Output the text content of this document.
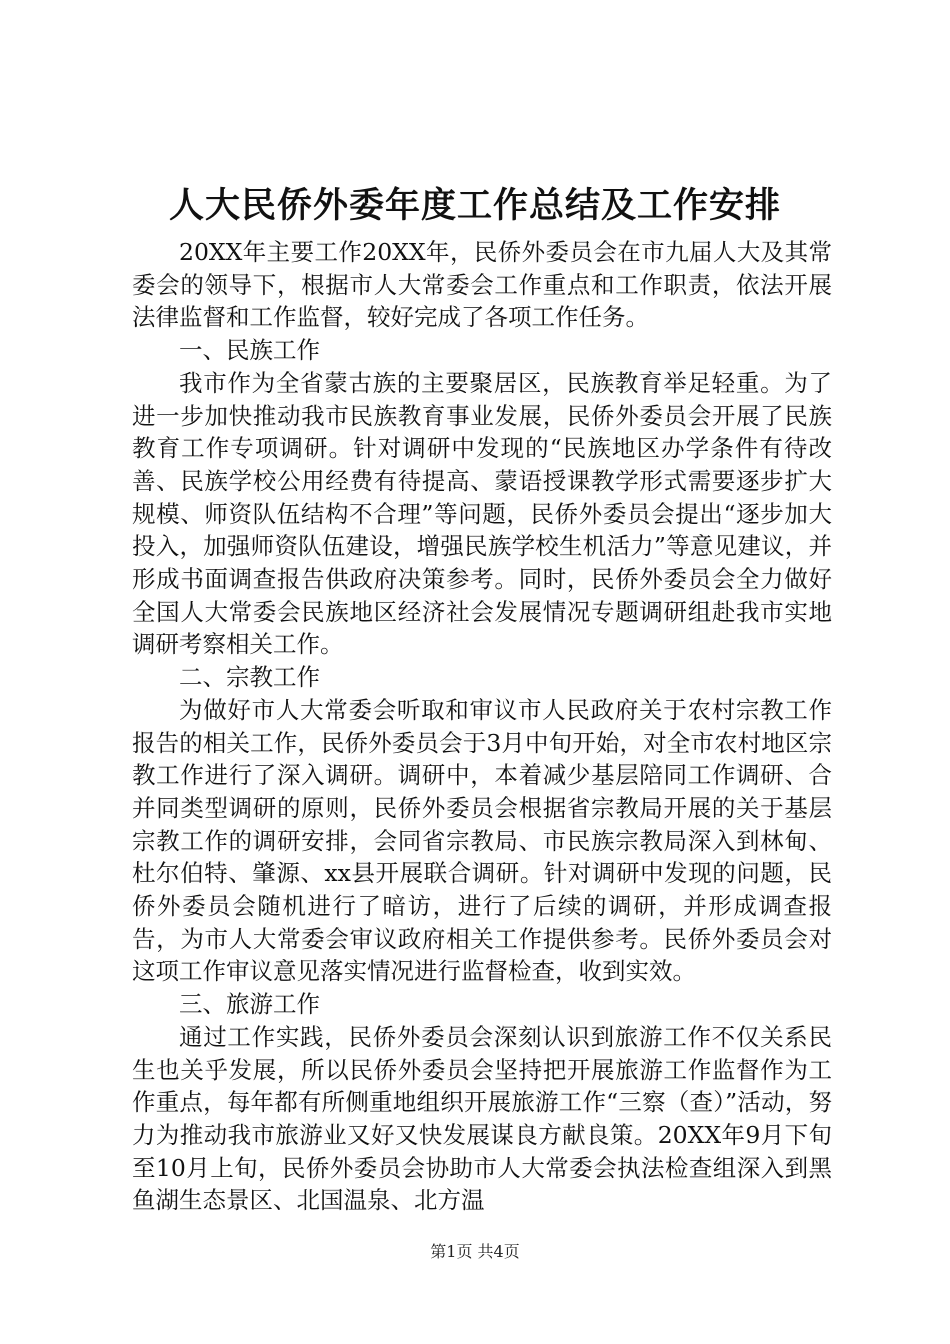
人大民侨外委年度工作总结及工作安排

20XX年主要工作20XX年，民侨外委员会在市九届人大及其常委会的领导下，根据市人大常委会工作重点和工作职责，依法开展法律监督和工作监督，较好完成了各项工作任务。

一、民族工作

我市作为全省蒙古族的主要聚居区，民族教育举足轻重。为了进一步加快推动我市民族教育事业发展，民侨外委员会开展了民族教育工作专项调研。针对调研中发现的“民族地区办学条件有待改善、民族学校公用经费有待提高、蒙语授课教学形式需要逐步扩大规模、师资队伍结构不合理”等问题，民侨外委员会提出“逐步加大投入，加强师资队伍建设，增强民族学校生机活力”等意见建议，并形成书面调查报告供政府决策参考。同时，民侨外委员会全力做好全国人大常委会民族地区经济社会发展情况专题调研组赴我市实地调研考察相关工作。

二、宗教工作

为做好市人大常委会听取和审议市人民政府关于农村宗教工作报告的相关工作，民侨外委员会于3月中旬开始，对全市农村地区宗教工作进行了深入调研。调研中，本着减少基层陪同工作调研、合并同类型调研的原则，民侨外委员会根据省宗教局开展的关于基层宗教工作的调研安排，会同省宗教局、市民族宗教局深入到林甸、杜尔伯特、肇源、xx县开展联合调研。针对调研中发现的问题，民侨外委员会随机进行了暗访，进行了后续的调研，并形成调查报告，为市人大常委会审议政府相关工作提供参考。民侨外委员会对这项工作审议意见落实情况进行监督检查，收到实效。

三、旅游工作

通过工作实践，民侨外委员会深刻认识到旅游工作不仅关系民生也关乎发展，所以民侨外委员会坚持把开展旅游工作监督作为工作重点，每年都有所侧重地组织开展旅游工作“三察（查）”活动，努力为推动我市旅游业又好又快发展谋良方献良策。20XX年9月下旬至10月上旬，民侨外委员会协助市人大常委会执法检查组深入到黑鱼湖生态景区、北国温泉、北方温

第1页 共4页
